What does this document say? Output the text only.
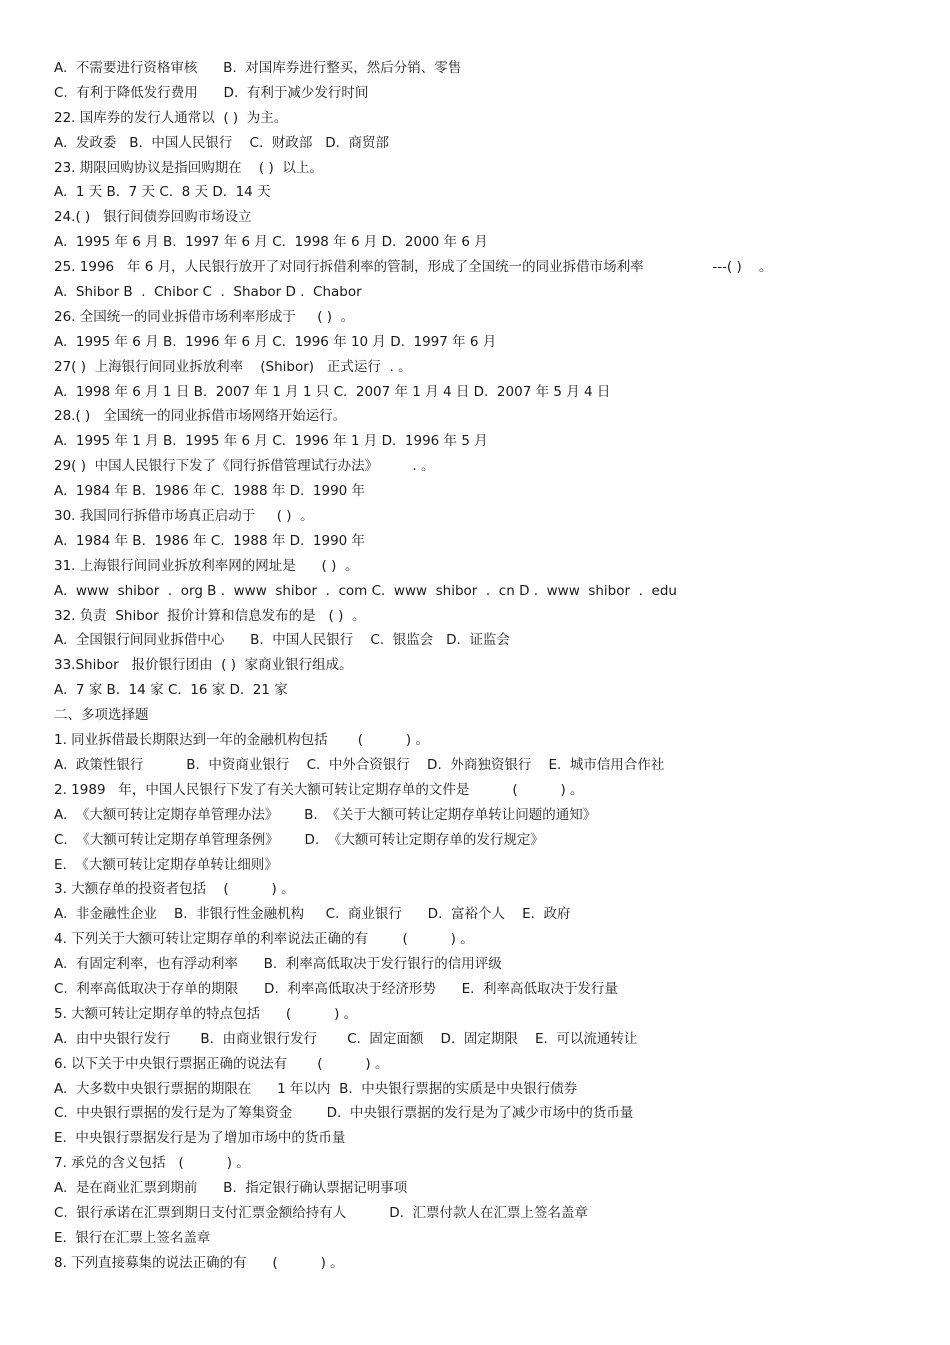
A.  不需要进行资格审核      B.  对国库券进行整买，然后分销、零售
C.  有利于降低发行费用      D.  有利于减少发行时间
22. 国库券的发行人通常以  ( )  为主。
A.  发政委   B.  中国人民银行    C.  财政部   D.  商贸部
23. 期限回购协议是指回购期在    ( )  以上。
A.  1 天 B.  7 天 C.  8 天 D.  14 天
24.( )   银行间债券回购市场设立
A.  1995 年 6 月 B.  1997 年 6 月 C.  1998 年 6 月 D.  2000 年 6 月
25. 1996   年 6 月，人民银行放开了对同行拆借利率的管制，形成了全国统一的同业拆借市场利率                ---( )    。
A.  Shibor B  .  Chibor C  .  Shabor D .  Chabor
26. 全国统一的同业拆借市场利率形成于     ( )  。
A.  1995 年 6 月 B.  1996 年 6 月 C.  1996 年 10 月 D.  1997 年 6 月
27( )  上海银行间同业拆放利率    (Shibor)   正式运行  . 。
A.  1998 年 6 月 1 日 B.  2007 年 1 月 1 只 C.  2007 年 1 月 4 日 D.  2007 年 5 月 4 日
28.( )   全国统一的同业拆借市场网络开始运行。
A.  1995 年 1 月 B.  1995 年 6 月 C.  1996 年 1 月 D.  1996 年 5 月
29( )  中国人民银行下发了《同行拆借管理试行办法》        . 。
A.  1984 年 B.  1986 年 C.  1988 年 D.  1990 年
30. 我国同行拆借市场真正启动于     ( )  。
A.  1984 年 B.  1986 年 C.  1988 年 D.  1990 年
31. 上海银行间同业拆放利率网的网址是      ( )  。
A.  www  shibor  .  org B .  www  shibor  .  com C.  www  shibor  .  cn D .  www  shibor  .  edu
32. 负责  Shibor  报价计算和信息发布的是   ( )  。
A.  全国银行间同业拆借中心      B.  中国人民银行    C.  银监会   D.  证监会
33.Shibor   报价银行团由  ( )  家商业银行组成。
A.  7 家 B.  14 家 C.  16 家 D.  21 家
二、多项选择题
1. 同业拆借最长期限达到一年的金融机构包括       (          ) 。
A.  政策性银行          B.  中资商业银行    C.  中外合资银行    D.  外商独资银行    E.  城市信用合作社
2. 1989   年，中国人民银行下发了有关大额可转让定期存单的文件是          (          ) 。
A.  《大额可转让定期存单管理办法》      B.  《关于大额可转让定期存单转让问题的通知》
C.  《大额可转让定期存单管理条例》      D.  《大额可转让定期存单的发行规定》
E.  《大额可转让定期存单转让细则》
3. 大额存单的投资者包括    (          ) 。
A.  非金融性企业    B.  非银行性金融机构     C.  商业银行      D.  富裕个人    E.  政府
4. 下列关于大额可转让定期存单的利率说法正确的有        (          ) 。
A.  有固定利率，也有浮动利率      B.  利率高低取决于发行银行的信用评级
C.  利率高低取决于存单的期限      D.  利率高低取决于经济形势      E.  利率高低取决于发行量
5. 大额可转让定期存单的特点包括      (          ) 。
A.  由中央银行发行       B.  由商业银行发行       C.  固定面额    D.  固定期限    E.  可以流通转让
6. 以下关于中央银行票据正确的说法有       (          ) 。
A.  大多数中央银行票据的期限在      1 年以内  B.  中央银行票据的实质是中央银行债券
C.  中央银行票据的发行是为了筹集资金        D.  中央银行票据的发行是为了减少市场中的货币量
E.  中央银行票据发行是为了增加市场中的货币量
7. 承兑的含义包括   (          ) 。
A.  是在商业汇票到期前      B.  指定银行确认票据记明事项
C.  银行承诺在汇票到期日支付汇票金额给持有人          D.  汇票付款人在汇票上签名盖章
E.  银行在汇票上签名盖章
8. 下列直接募集的说法正确的有      (          ) 。
